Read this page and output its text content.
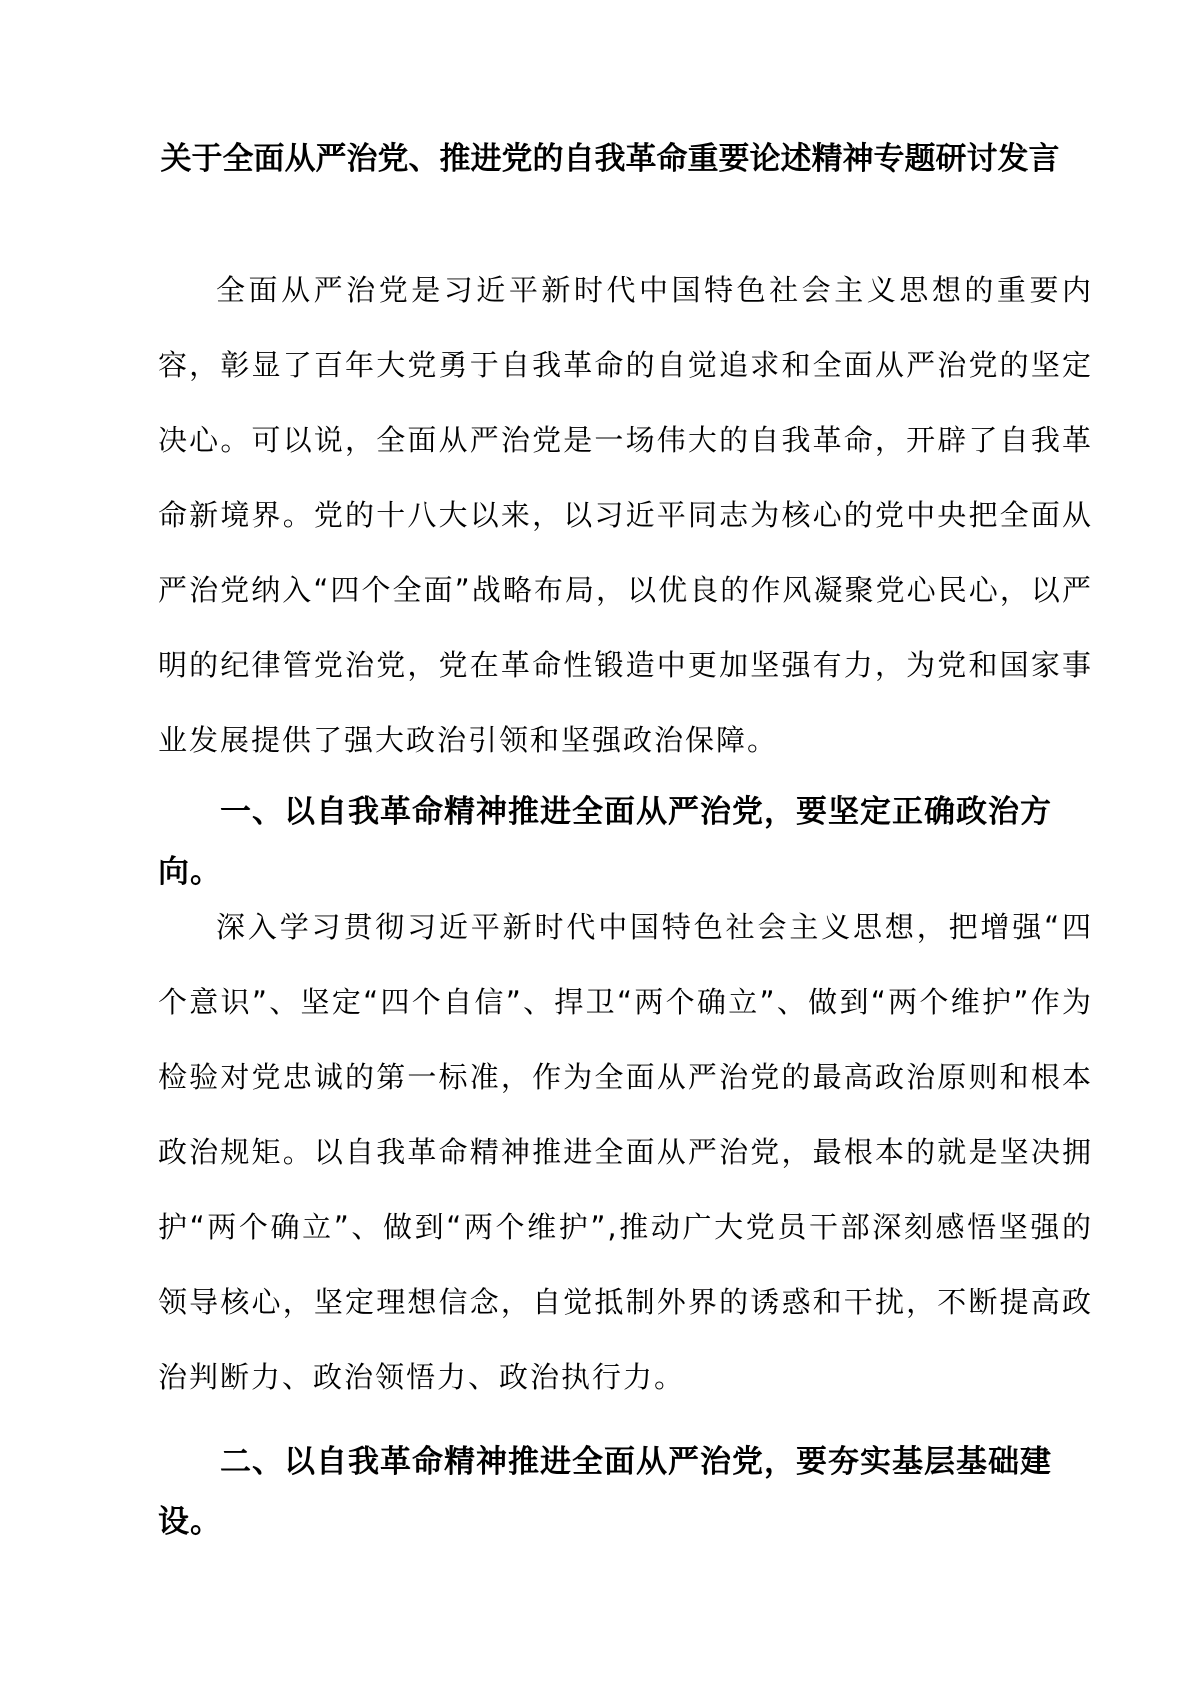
关于全面从严治党、推进党的自我革命重要论述精神专题研讨发言

全面从严治党是习近平新时代中国特色社会主义思想的重要内容，彰显了百年大党勇于自我革命的自觉追求和全面从严治党的坚定决心。可以说，全面从严治党是一场伟大的自我革命，开辟了自我革命新境界。党的十八大以来，以习近平同志为核心的党中央把全面从严治党纳入“四个全面”战略布局，以优良的作风凝聚党心民心，以严明的纪律管党治党，党在革命性锻造中更加坚强有力，为党和国家事业发展提供了强大政治引领和坚强政治保障。

一、以自我革命精神推进全面从严治党，要坚定正确政治方向。

深入学习贯彻习近平新时代中国特色社会主义思想，把增强“四个意识”、坚定“四个自信”、捍卫“两个确立”、做到“两个维护”作为检验对党忠诚的第一标准，作为全面从严治党的最高政治原则和根本政治规矩。以自我革命精神推进全面从严治党，最根本的就是坚决拥护“两个确立”、做到“两个维护”,推动广大党员干部深刻感悟坚强的领导核心，坚定理想信念，自觉抵制外界的诱惑和干扰，不断提高政治判断力、政治领悟力、政治执行力。

二、以自我革命精神推进全面从严治党，要夯实基层基础建设。
